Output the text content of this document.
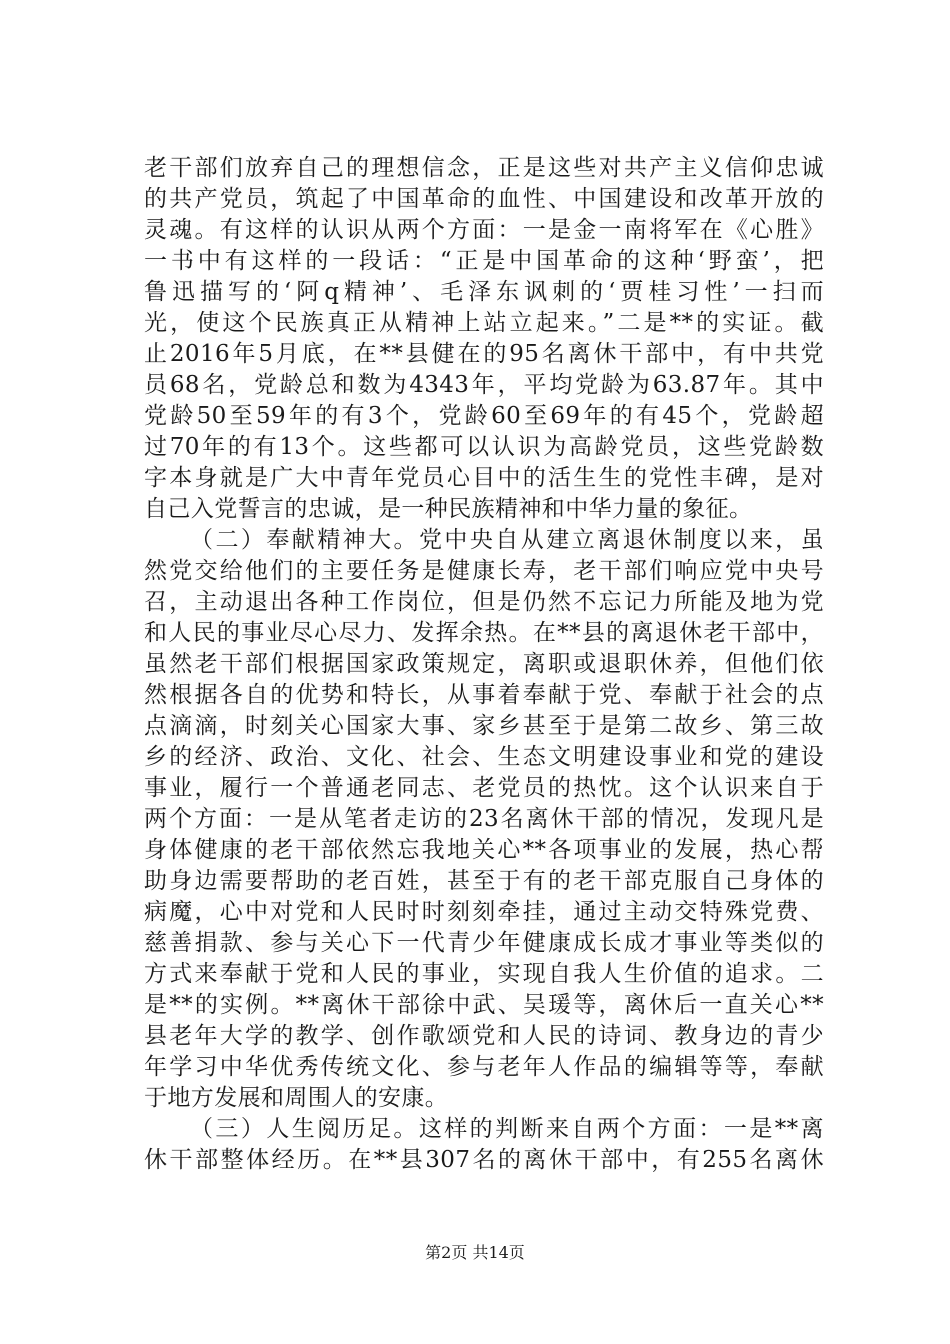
老干部们放弃自己的理想信念，正是这些对共产主义信仰忠诚
的共产党员，筑起了中国革命的血性、中国建设和改革开放的
灵魂。有这样的认识从两个方面：一是金一南将军在《心胜》
一书中有这样的一段话：“正是中国革命的这种‘野蛮’，把
鲁迅描写的‘阿q精神’、毛泽东讽刺的‘贾桂习性’一扫而
光，使这个民族真正从精神上站立起来。”二是**的实证。截
止2016年5月底，在**县健在的95名离休干部中，有中共党
员68名，党龄总和数为4343年，平均党龄为63.87年。其中
党龄50至59年的有3个，党龄60至69年的有45个，党龄超
过70年的有13个。这些都可以认识为高龄党员，这些党龄数
字本身就是广大中青年党员心目中的活生生的党性丰碑，是对
自己入党誓言的忠诚，是一种民族精神和中华力量的象征。
（二）奉献精神大。党中央自从建立离退休制度以来，虽
然党交给他们的主要任务是健康长寿，老干部们响应党中央号
召，主动退出各种工作岗位，但是仍然不忘记力所能及地为党
和人民的事业尽心尽力、发挥余热。在**县的离退休老干部中，
虽然老干部们根据国家政策规定，离职或退职休养，但他们依
然根据各自的优势和特长，从事着奉献于党、奉献于社会的点
点滴滴，时刻关心国家大事、家乡甚至于是第二故乡、第三故
乡的经济、政治、文化、社会、生态文明建设事业和党的建设
事业，履行一个普通老同志、老党员的热忱。这个认识来自于
两个方面：一是从笔者走访的23名离休干部的情况，发现凡是
身体健康的老干部依然忘我地关心**各项事业的发展，热心帮
助身边需要帮助的老百姓，甚至于有的老干部克服自己身体的
病魔，心中对党和人民时时刻刻牵挂，通过主动交特殊党费、
慈善捐款、参与关心下一代青少年健康成长成才事业等类似的
方式来奉献于党和人民的事业，实现自我人生价值的追求。二
是**的实例。**离休干部徐中武、吴瑗等，离休后一直关心**
县老年大学的教学、创作歌颂党和人民的诗词、教身边的青少
年学习中华优秀传统文化、参与老年人作品的编辑等等，奉献
于地方发展和周围人的安康。
（三）人生阅历足。这样的判断来自两个方面：一是**离
休干部整体经历。在**县307名的离休干部中，有255名离休
第2页 共14页
